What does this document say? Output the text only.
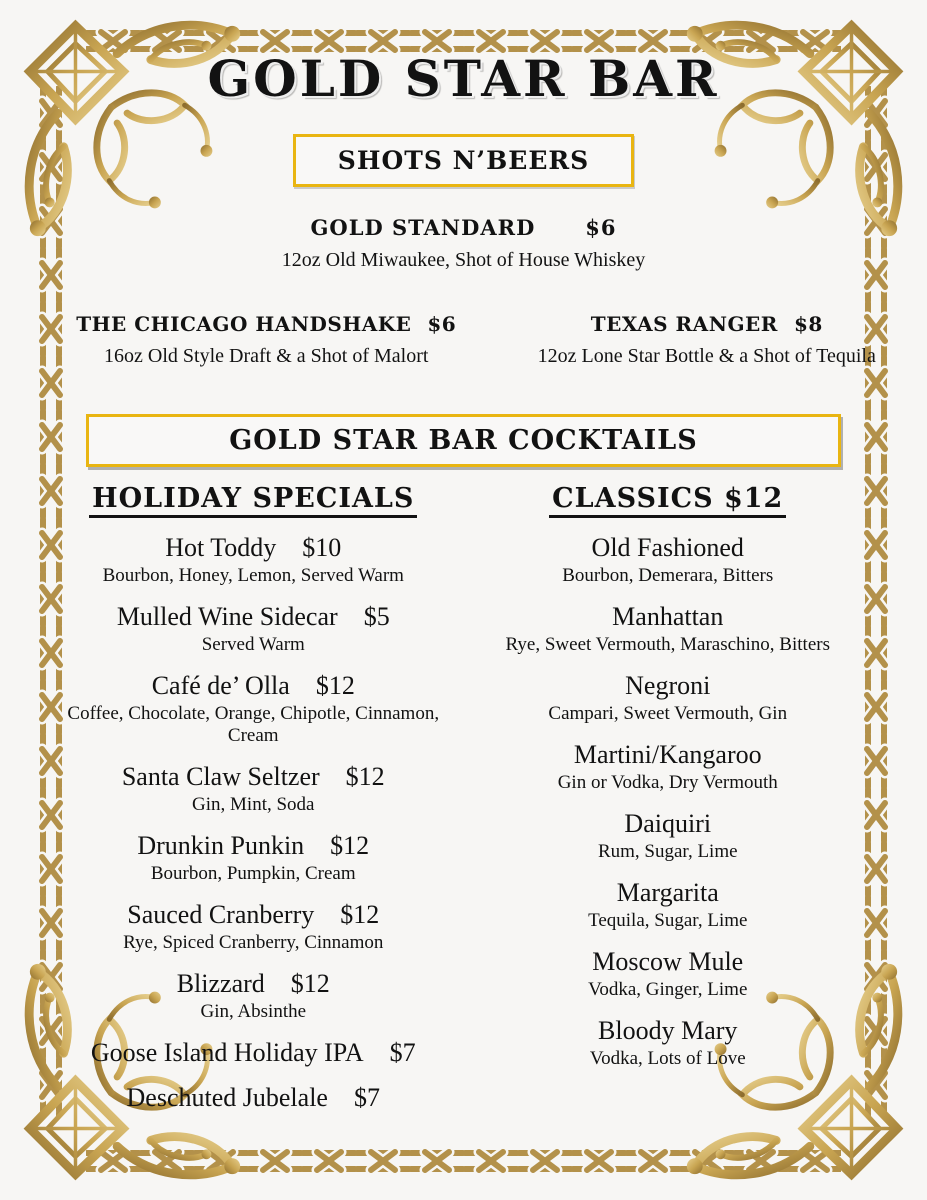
GOLD STAR BAR
SHOTS N’BEERS
GOLD STANDARD $6
12oz Old Miwaukee, Shot of House Whiskey
THE CHICAGO HANDSHAKE $6
16oz Old Style Draft & a Shot of Malort
TEXAS RANGER $8
12oz Lone Star Bottle & a Shot of Tequila
GOLD STAR BAR COCKTAILS
HOLIDAY SPECIALS
Hot Toddy $10
Bourbon, Honey, Lemon, Served Warm
Mulled Wine Sidecar $5
Served Warm
Café de’ Olla $12
Coffee, Chocolate, Orange, Chipotle, Cinnamon, Cream
Santa Claw Seltzer $12
Gin, Mint, Soda
Drunkin Punkin $12
Bourbon, Pumpkin, Cream
Sauced Cranberry $12
Rye, Spiced Cranberry, Cinnamon
Blizzard $12
Gin, Absinthe
Goose Island Holiday IPA $7
Deschuted Jubelale $7
CLASSICS $12
Old Fashioned
Bourbon, Demerara, Bitters
Manhattan
Rye, Sweet Vermouth, Maraschino, Bitters
Negroni
Campari, Sweet Vermouth, Gin
Martini/Kangaroo
Gin or Vodka, Dry Vermouth
Daiquiri
Rum, Sugar, Lime
Margarita
Tequila, Sugar, Lime
Moscow Mule
Vodka, Ginger, Lime
Bloody Mary
Vodka, Lots of Love
